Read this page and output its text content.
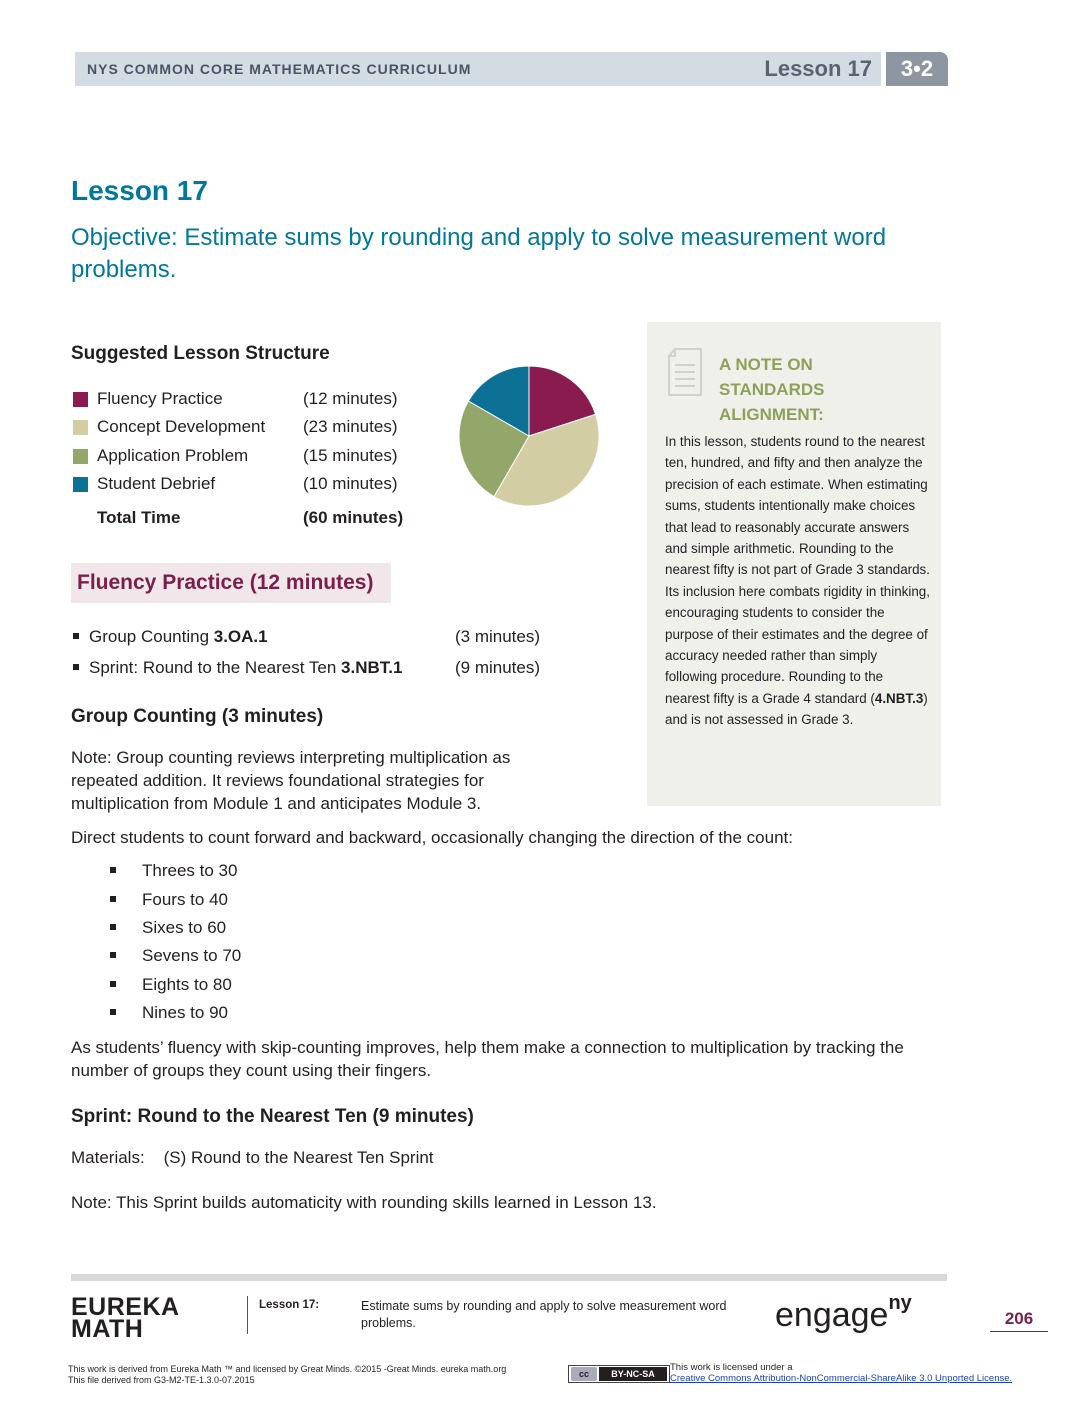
NYS COMMON CORE MATHEMATICS CURRICULUM	Lesson 17	3•2
Lesson 17
Objective: Estimate sums by rounding and apply to solve measurement word problems.
Suggested Lesson Structure
Fluency Practice	(12 minutes)
Concept Development (23 minutes)
Application Problem	(15 minutes)
Student Debrief	(10 minutes)
Total Time	(60 minutes)
Fluency Practice (12 minutes)
Group Counting 3.OA.1	(3 minutes)
Sprint: Round to the Nearest Ten 3.NBT.1	(9 minutes)
Group Counting (3 minutes)
Note: Group counting reviews interpreting multiplication as repeated addition. It reviews foundational strategies for multiplication from Module 1 and anticipates Module 3.
Direct students to count forward and backward, occasionally changing the direction of the count:
Threes to 30
Fours to 40
Sixes to 60
Sevens to 70
Eights to 80
Nines to 90
As students’ fluency with skip-counting improves, help them make a connection to multiplication by tracking the number of groups they count using their fingers.
Sprint: Round to the Nearest Ten (9 minutes)
Materials:    (S) Round to the Nearest Ten Sprint
Note: This Sprint builds automaticity with rounding skills learned in Lesson 13.
A NOTE ON STANDARDS ALIGNMENT:
In this lesson, students round to the nearest ten, hundred, and fifty and then analyze the precision of each estimate. When estimating sums, students intentionally make choices that lead to reasonably accurate answers and simple arithmetic. Rounding to the nearest fifty is not part of Grade 3 standards. Its inclusion here combats rigidity in thinking, encouraging students to consider the purpose of their estimates and the degree of accuracy needed rather than simply following procedure. Rounding to the nearest fifty is a Grade 4 standard (4.NBT.3) and is not assessed in Grade 3.
EUREKA
MATH
Lesson 17:	Estimate sums by rounding and apply to solve measurement word problems.	engage$^{ny}$
206
This work is derived from Eureka Math ™ and licensed by Great Minds. ©2015 -Great Minds. eureka math.org
This file derived from G3-M2-TE-1.3.0-07.2015
cc	BY-NC-SA
This work is licensed under a
Creative Commons Attribution-NonCommercial-ShareAlike 3.0 Unported License.
